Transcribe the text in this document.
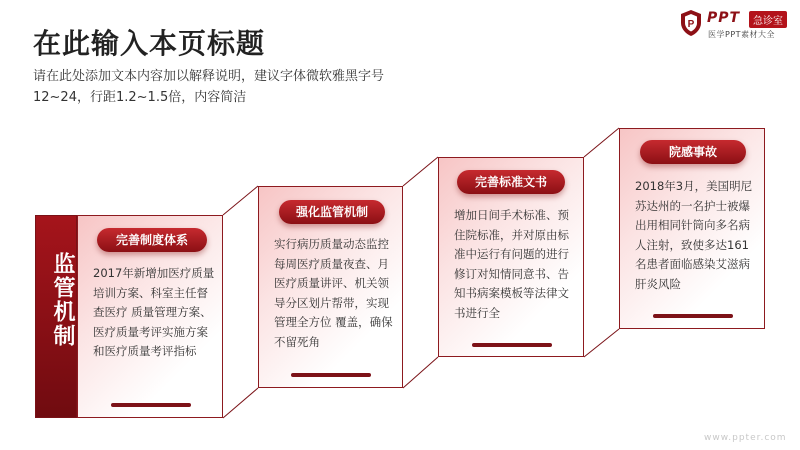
在此输入本页标题
请在此处添加文本内容加以解释说明，建议字体微软雅黑字号12~24，行距1.2~1.5倍，内容简洁
P PPT	急诊室
医学PPT素材大全
监管机制
完善制度体系
2017年新增加医疗质量培训方案、科室主任督查医疗 质量管理方案、医疗质量考评实施方案和医疗质量考评指标
强化监管机制
实行病历质量动态监控每周医疗质量夜查、月医疗质量讲评、机关领导分区划片帮带，实现管理全方位 覆盖，确保不留死角
完善标准文书
增加日间手术标准、预住院标准，并对原由标准中运行有问题的进行修订对知情同意书、告知书病案模板等法律文书进行全
院感事故
2018年3月，美国明尼苏达州的一名护士被爆出用相同针筒向多名病人注射，致使多达161名患者面临感染艾滋病肝炎风险
www.ppter.com
